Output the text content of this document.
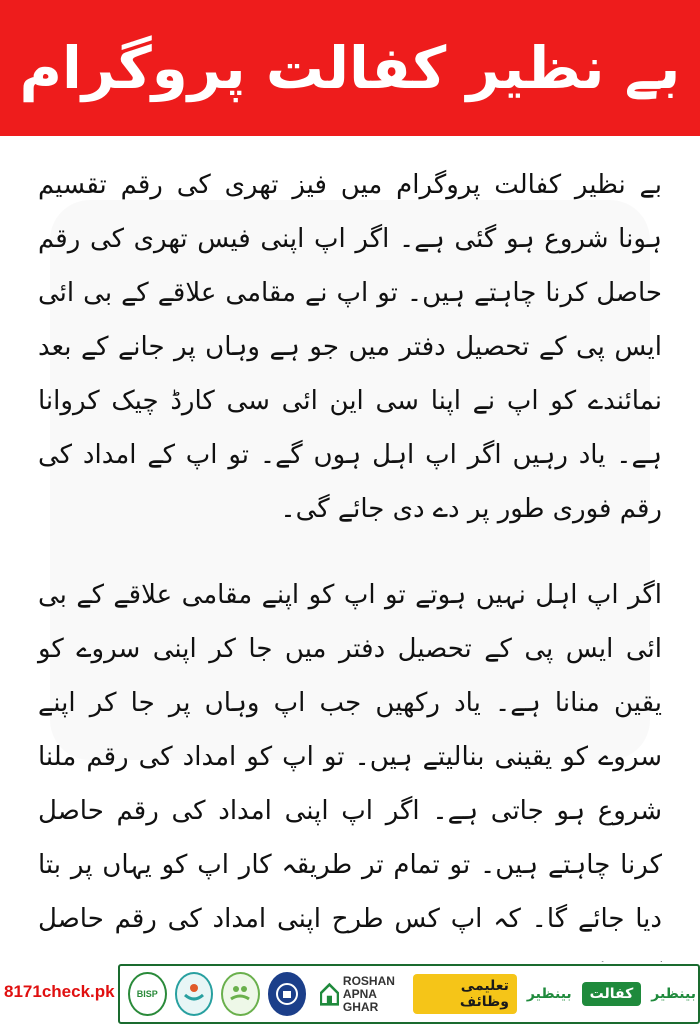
بے نظیر کفالت پروگرام

بے نظیر کفالت پروگرام میں فیز تھری کی رقم تقسیم ہونا شروع ہو گئی ہے۔ اگر اپ اپنی فیس تھری کی رقم حاصل کرنا چاہتے ہیں۔ تو اپ نے مقامی علاقے کے بی ائی ایس پی کے تحصیل دفتر میں جو ہے وہاں پر جانے کے بعد نمائندے کو اپ نے اپنا سی این ائی سی کارڈ چیک کروانا ہے۔ یاد رہیں اگر اپ اہل ہوں گے۔ تو اپ کے امداد کی رقم فوری طور پر دے دی جائے گی۔

اگر اپ اہل نہیں ہوتے تو اپ کو اپنے مقامی علاقے کے بی ائی ایس پی کے تحصیل دفتر میں جا کر اپنی سروے کو یقین منانا ہے۔ یاد رکھیں جب اپ وہاں پر جا کر اپنے سروے کو یقینی بنالیتے ہیں۔ تو اپ کو امداد کی رقم ملنا شروع ہو جاتی ہے۔ اگر اپ اپنی امداد کی رقم حاصل کرنا چاہتے ہیں۔ تو تمام تر طریقہ کار اپ کو یہاں پر بتا دیا جائے گا۔ کہ اپ کس طرح اپنی امداد کی رقم حاصل

8171check.pk BISP
ROSHAN
APNA GHAR
تعلیمی وظائف	بینظیر	کفالت	بینظیر
